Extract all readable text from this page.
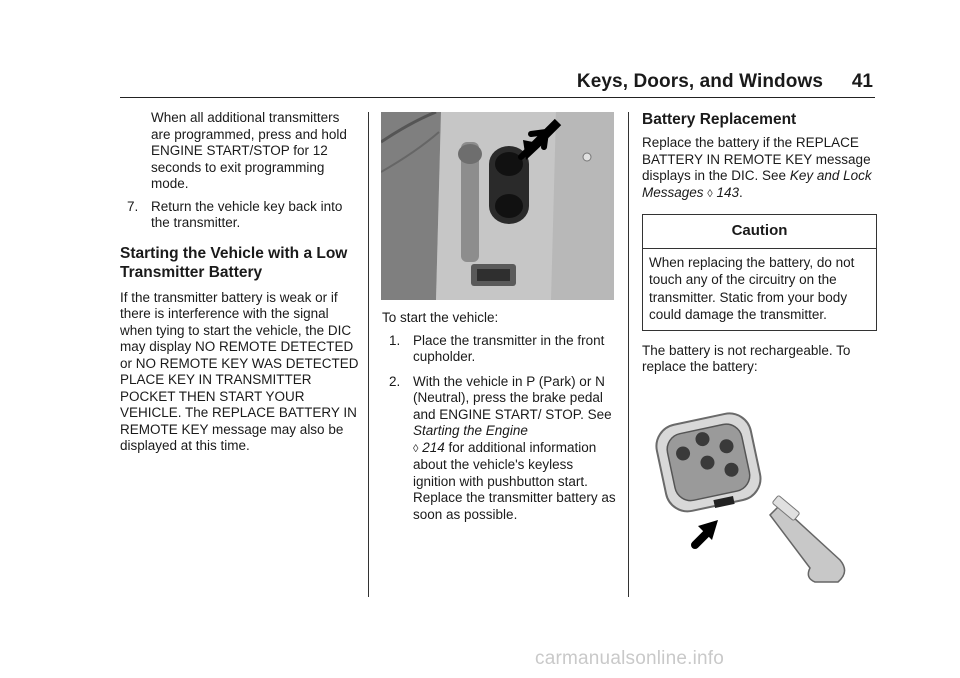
Keys, Doors, and Windows 41

When all additional transmitters are programmed, press and hold ENGINE START/STOP for 12 seconds to exit programming mode.

7. Return the vehicle key back into the transmitter.

Starting the Vehicle with a Low Transmitter Battery

If the transmitter battery is weak or if there is interference with the signal when tying to start the vehicle, the DIC may display NO REMOTE DETECTED or NO REMOTE KEY WAS DETECTED PLACE KEY IN TRANSMITTER POCKET THEN START YOUR VEHICLE. The REPLACE BATTERY IN REMOTE KEY message may also be displayed at this time.

To start the vehicle:

1. Place the transmitter in the front cupholder.
2. With the vehicle in P (Park) or N (Neutral), press the brake pedal and ENGINE START/ STOP. See Starting the Engine
◊ 214 for additional information about the vehicle's keyless ignition with pushbutton start.

Replace the transmitter battery as soon as possible.

Battery Replacement

Replace the battery if the REPLACE BATTERY IN REMOTE KEY message displays in the DIC. See Key and Lock Messages ◊ 143.

Caution
When replacing the battery, do not touch any of the circuitry on the transmitter. Static from your body could damage the transmitter.

The battery is not rechargeable. To replace the battery:

carmanualsonline.info
